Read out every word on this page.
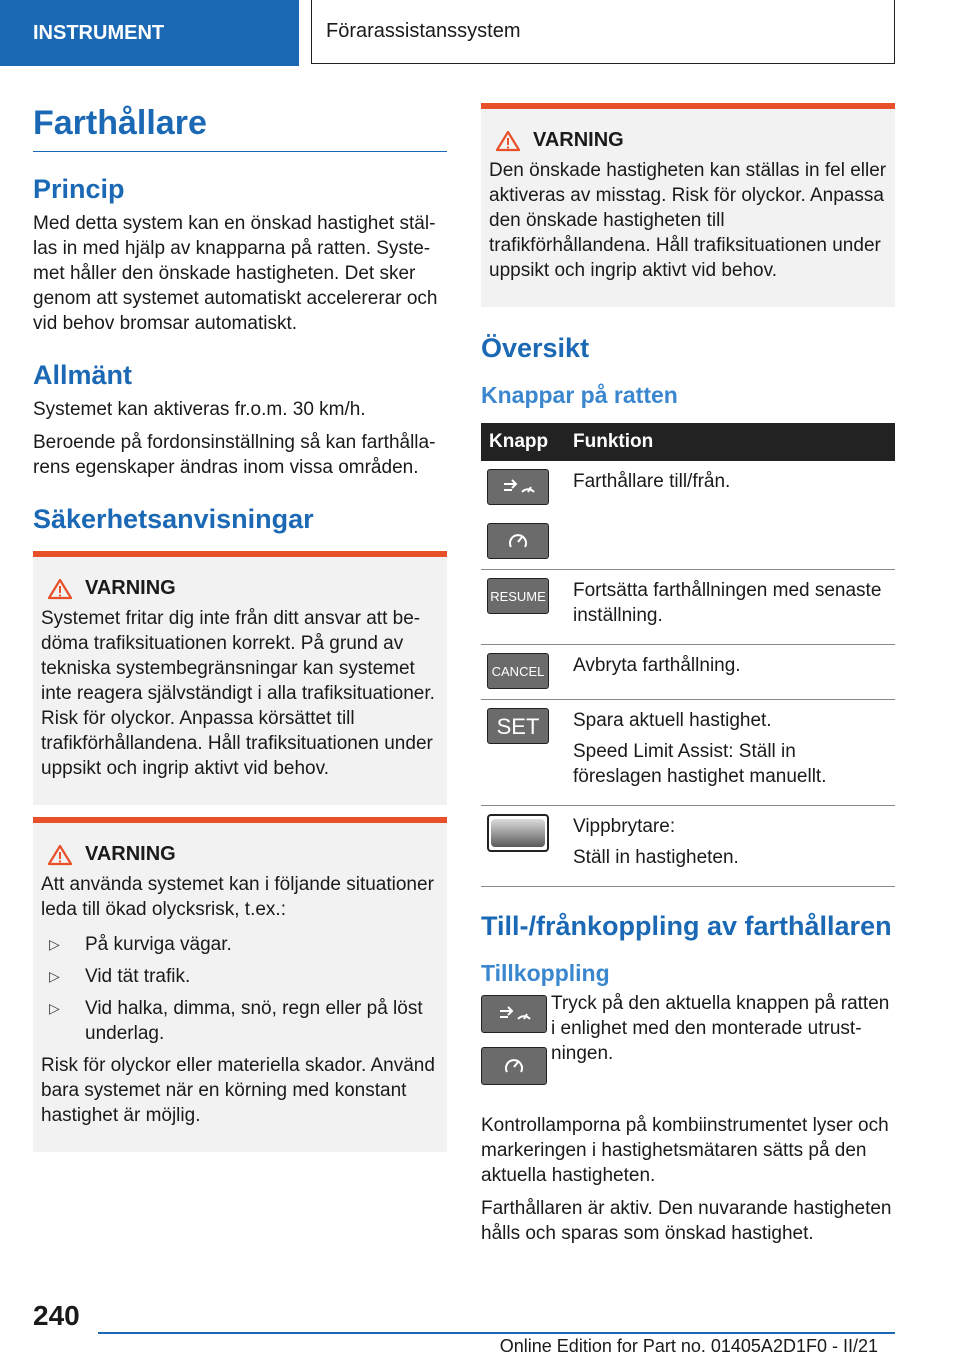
INSTRUMENT	Förarassistanssystem
Farthållare
Princip

Med detta system kan en önskad hastighet ställas in med hjälp av knapparna på ratten. Systemet håller den önskade hastigheten. Det sker genom att systemet automatiskt accelererar och vid behov bromsar automatiskt.

Allmänt

Systemet kan aktiveras fr.o.m. 30 km/h.

Beroende på fordonsinställning så kan farthållarens egenskaper ändras inom vissa områden.

Säkerhetsanvisningar
VARNING

Systemet fritar dig inte från ditt ansvar att bedöma trafiksituationen korrekt. På grund av tekniska systembegränsningar kan systemet inte reagera självständigt i alla trafiksituationer. Risk för olyckor. Anpassa körsättet till trafikförhållandena. Håll trafiksituationen under uppsikt och ingrip aktivt vid behov.

VARNING

Att använda systemet kan i följande situationer leda till ökad olycksrisk, t.ex.:

▷	På kurviga vägar.
▷	Vid tät trafik.
▷	Vid halka, dimma, snö, regn eller på löst underlag.

Risk för olyckor eller materiella skador. Använd bara systemet när en körning med konstant hastighet är möjlig.

VARNING

Den önskade hastigheten kan ställas in fel eller aktiveras av misstag. Risk för olyckor. Anpassa den önskade hastigheten till trafikförhållandena. Håll trafiksituationen under uppsikt och ingrip aktivt vid behov.

Översikt
Knappar på ratten
Knapp	Funktion

Farthållare till/från.

RESUME	Fortsätta farthållningen med senaste inställning.

CANCEL	Avbryta farthållning.

SET	Spara aktuell hastighet.

Speed Limit Assist: Ställ in föreslagen hastighet manuellt.

	Vippbrytare:

Ställ in hastigheten.

Till-/frånkoppling av farthållaren
Tillkoppling

Tryck på den aktuella knappen på ratten i enlighet med den monterade utrustningen.

Kontrollamporna på kombiinstrumentet lyser och markeringen i hastighetsmätaren sätts på den aktuella hastigheten.

Farthållaren är aktiv. Den nuvarande hastigheten hålls och sparas som önskad hastighet.

240
Online Edition for Part no. 01405A2D1F0 - II/21
